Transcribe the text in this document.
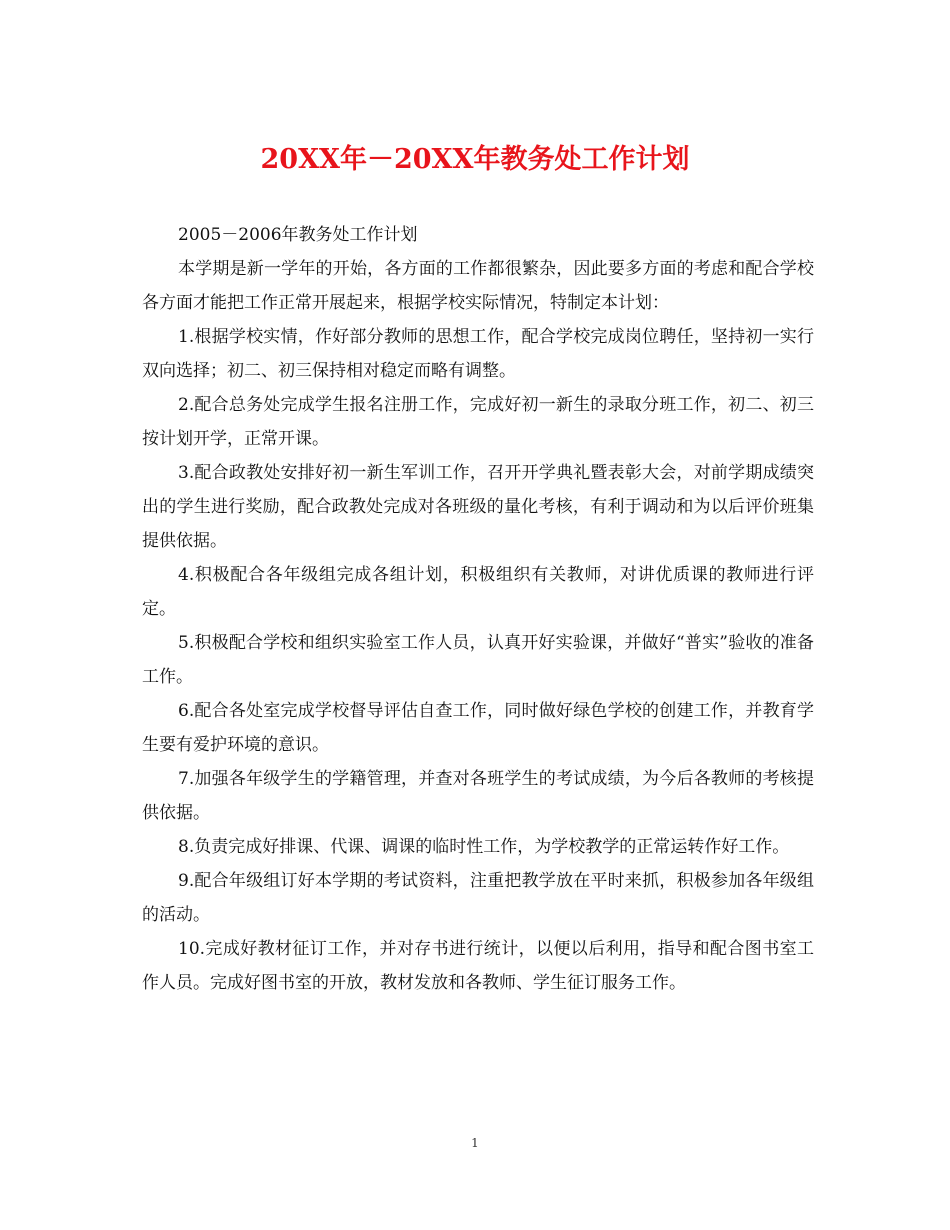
20XX年－20XX年教务处工作计划

2005－2006年教务处工作计划

本学期是新一学年的开始，各方面的工作都很繁杂，因此要多方面的考虑和配合学校各方面才能把工作正常开展起来，根据学校实际情况，特制定本计划：

1.根据学校实情，作好部分教师的思想工作，配合学校完成岗位聘任，坚持初一实行双向选择；初二、初三保持相对稳定而略有调整。

2.配合总务处完成学生报名注册工作，完成好初一新生的录取分班工作，初二、初三按计划开学，正常开课。

3.配合政教处安排好初一新生军训工作，召开开学典礼暨表彰大会，对前学期成绩突出的学生进行奖励，配合政教处完成对各班级的量化考核，有利于调动和为以后评价班集提供依据。

4.积极配合各年级组完成各组计划，积极组织有关教师，对讲优质课的教师进行评定。

5.积极配合学校和组织实验室工作人员，认真开好实验课，并做好“普实”验收的准备工作。

6.配合各处室完成学校督导评估自查工作，同时做好绿色学校的创建工作，并教育学生要有爱护环境的意识。

7.加强各年级学生的学籍管理，并查对各班学生的考试成绩，为今后各教师的考核提供依据。

8.负责完成好排课、代课、调课的临时性工作，为学校教学的正常运转作好工作。

9.配合年级组订好本学期的考试资料，注重把教学放在平时来抓，积极参加各年级组的活动。

10.完成好教材征订工作，并对存书进行统计，以便以后利用，指导和配合图书室工作人员。完成好图书室的开放，教材发放和各教师、学生征订服务工作。

1
